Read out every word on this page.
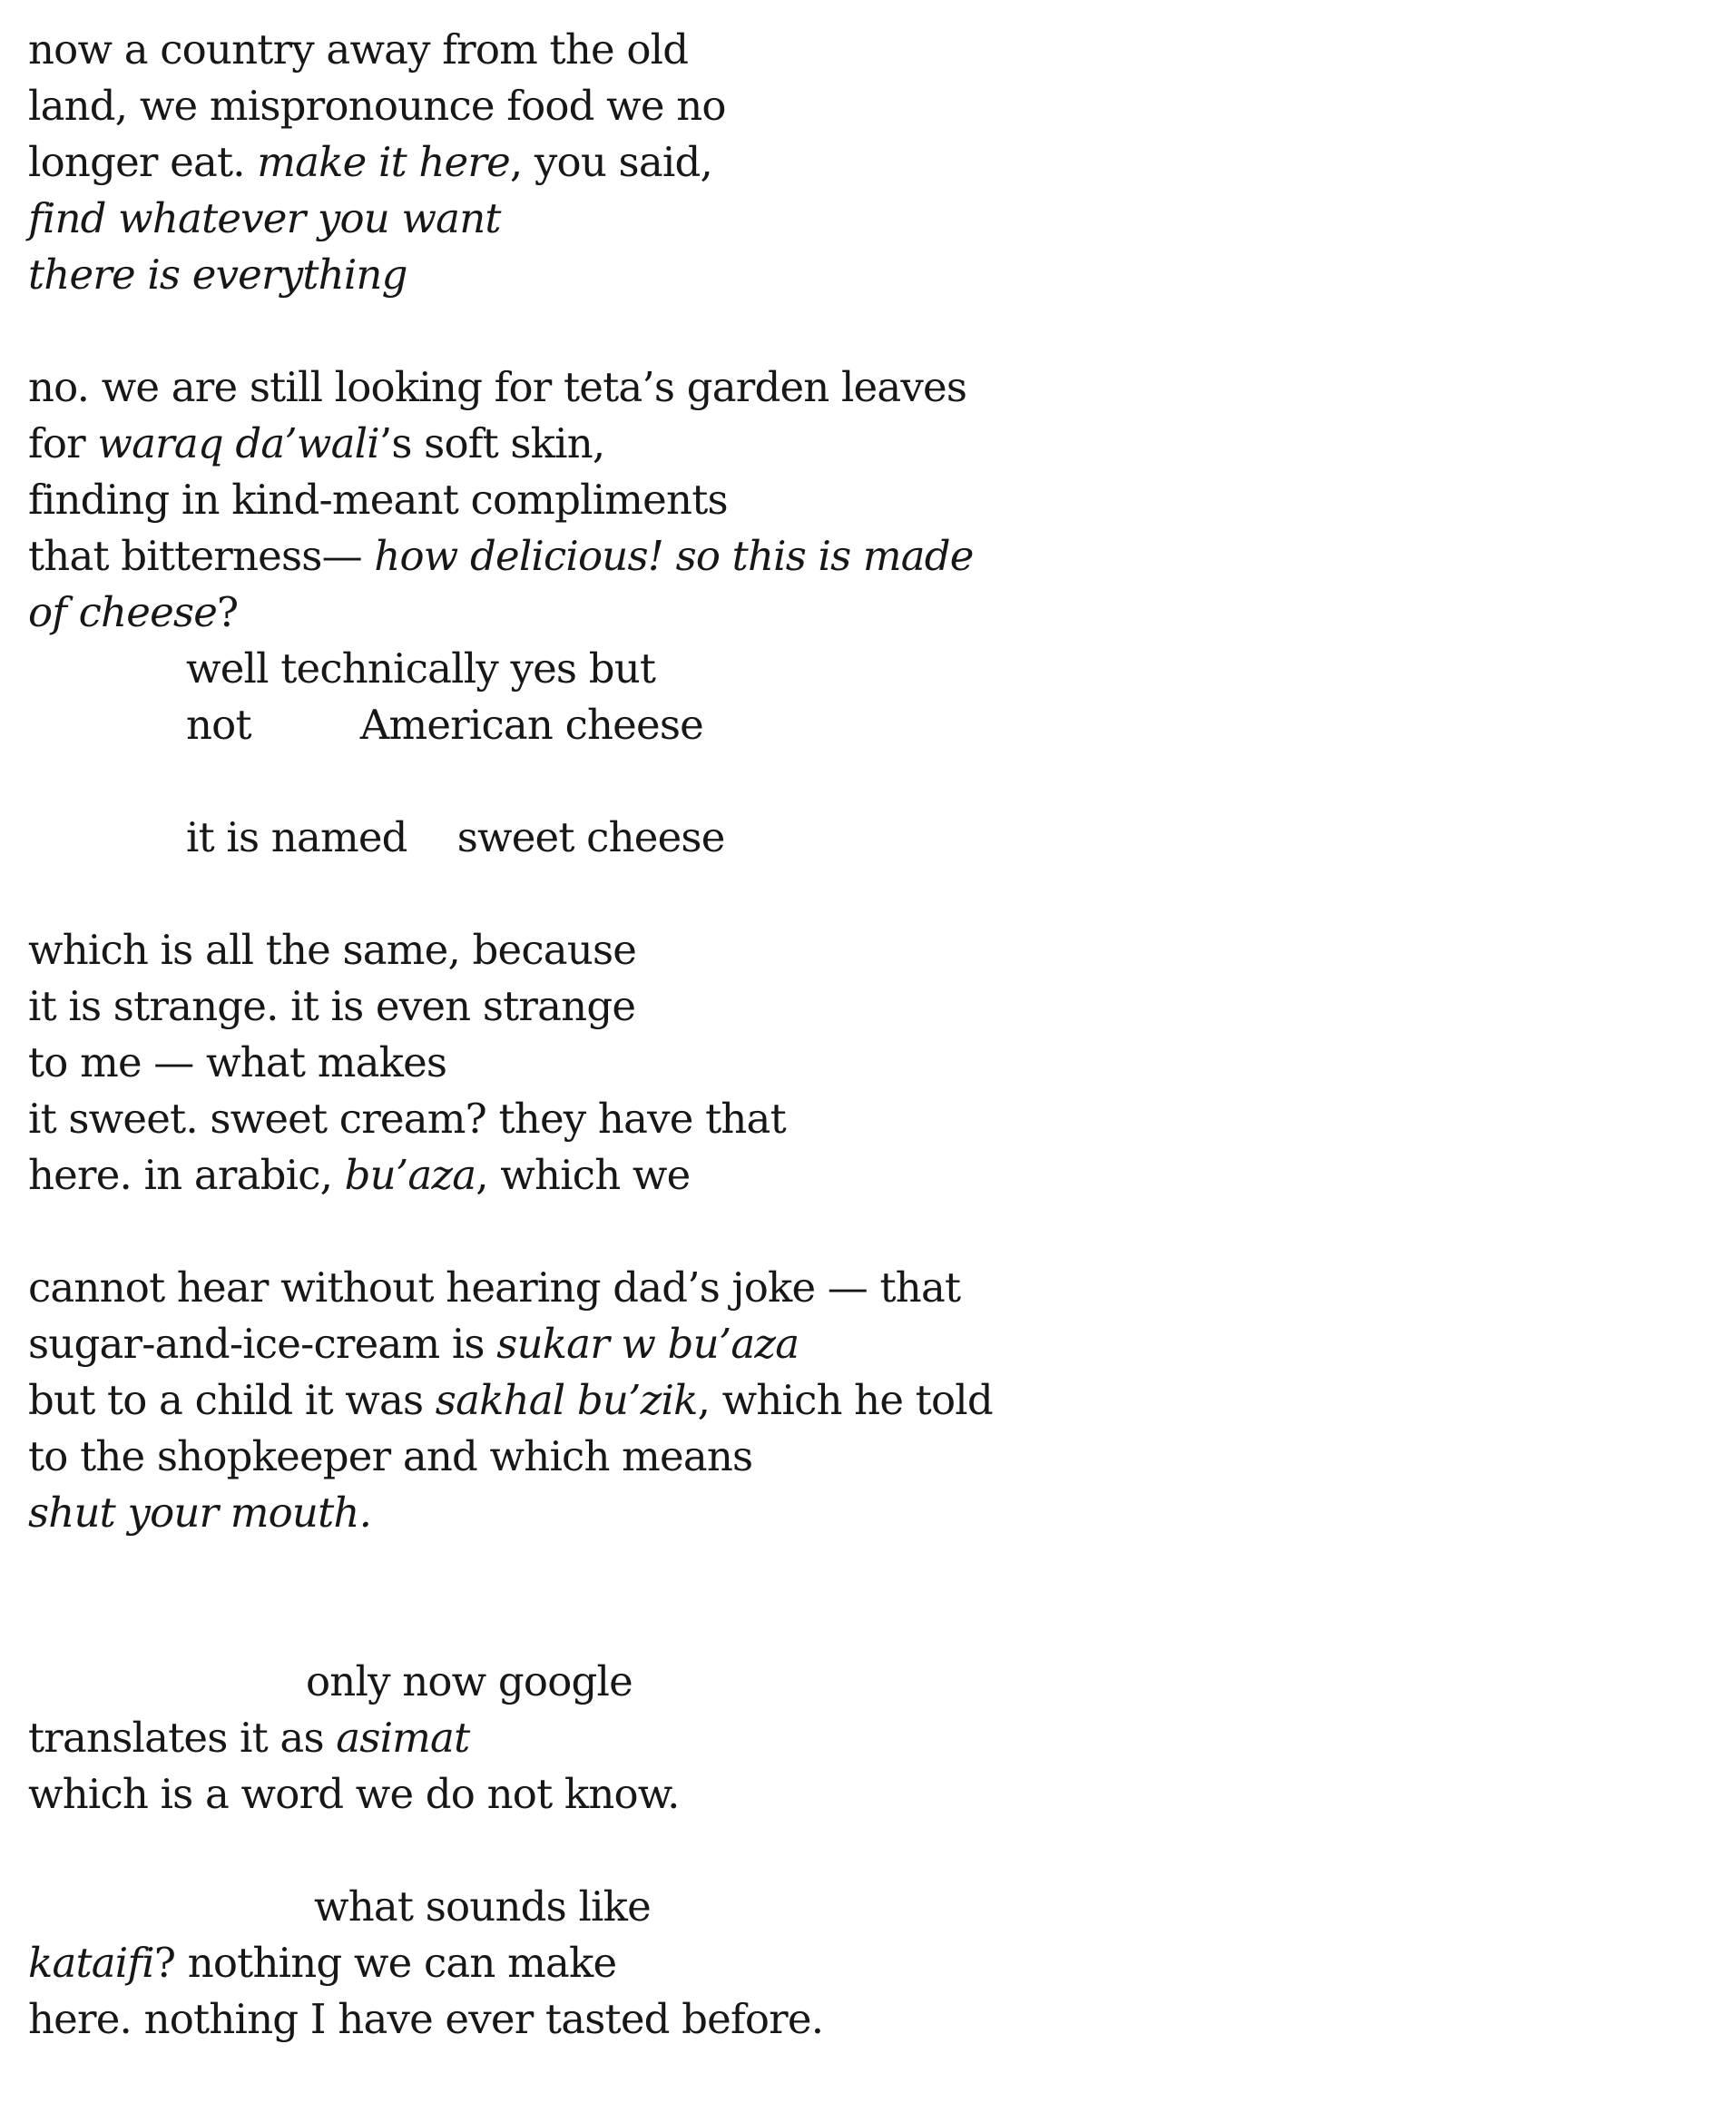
now a country away from the old
land, we mispronounce food we no
longer eat. make it here, you said,
find whatever you want
there is everything
no. we are still looking for teta’s garden leaves
for waraq da’wali’s soft skin,
finding in kind-meant compliments
that bitterness— how delicious! so this is made
of cheese?
well technically yes but
not	American cheese
it is named sweet cheese
which is all the same, because
it is strange. it is even strange
to me — what makes
it sweet. sweet cream? they have that
here. in arabic, bu’aza, which we
cannot hear without hearing dad’s joke — that
sugar-and-ice-cream is sukar w bu’aza
but to a child it was sakhal bu’zik, which he told
to the shopkeeper and which means
shut your mouth.
only now google
translates it as asimat
which is a word we do not know.
what sounds like
kataifi? nothing we can make
here. nothing I have ever tasted before.
